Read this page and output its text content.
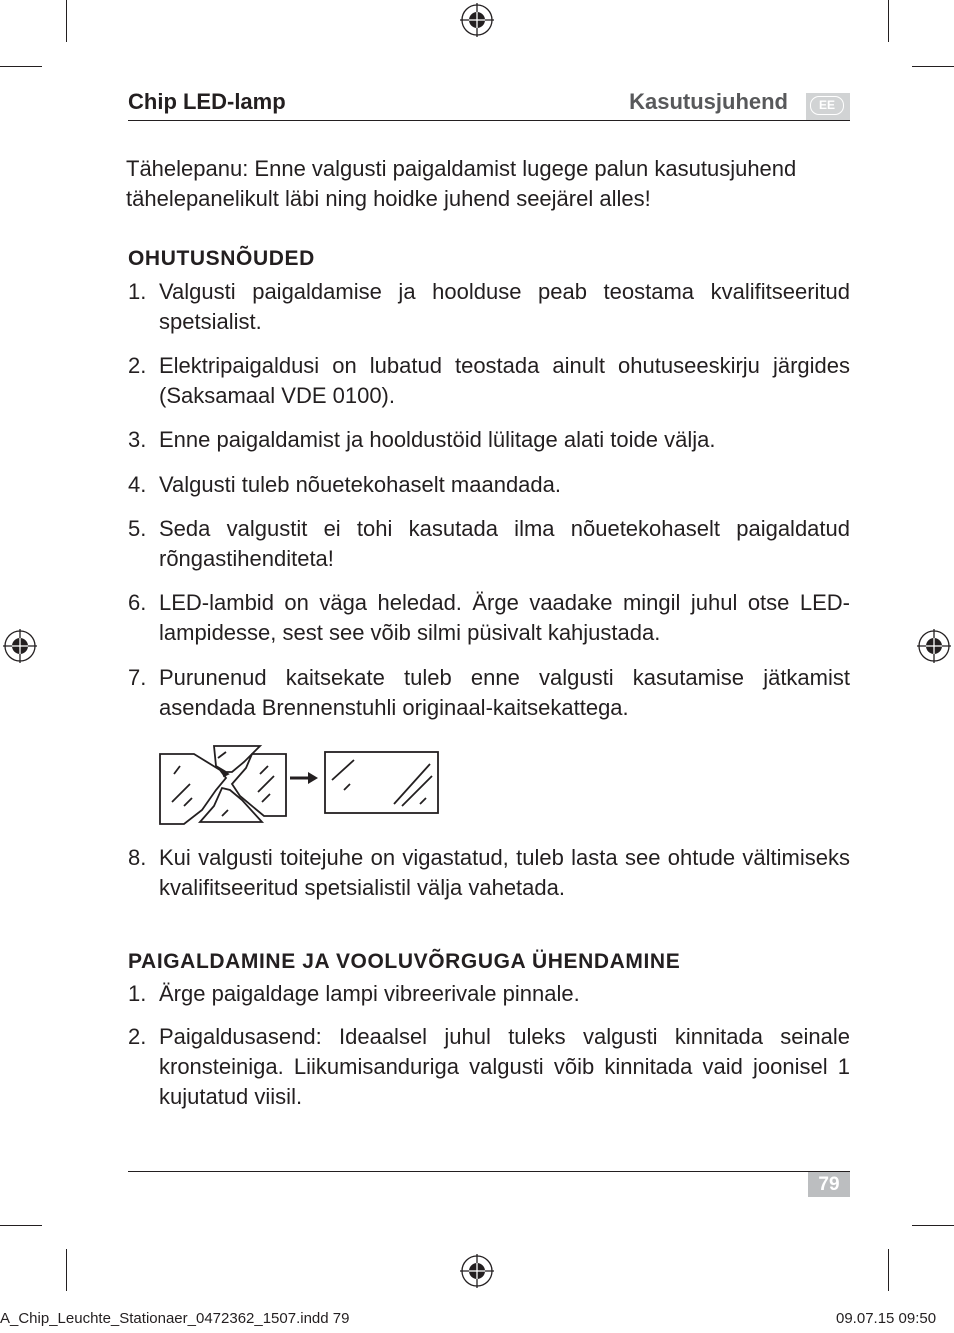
Chip LED-lamp	Kasutusjuhend	EE
Tähelepanu: Enne valgusti paigaldamist lugege palun kasutusjuhend tähelepanelikult läbi ning hoidke juhend seejärel alles!
OHUTUSNÕUDED
1. Valgusti paigaldamise ja hoolduse peab teostama kvalifitseeritud spetsialist.
2. Elektripaigaldusi on lubatud teostada ainult ohutuseeskirju järgides (Saksamaal VDE 0100).
3. Enne paigaldamist ja hooldustöid lülitage alati toide välja.
4. Valgusti tuleb nõuetekohaselt maandada.
5. Seda valgustit ei tohi kasutada ilma nõuetekohaselt paigaldatud rõngastihenditeta!
6. LED-lambid on väga heledad. Ärge vaadake mingil juhul otse LED-lampidesse, sest see võib silmi püsivalt kahjustada.
7. Purunenud kaitsekate tuleb enne valgusti kasutamise jätkamist asendada Brennenstuhli originaal-kaitsekattega.
8. Kui valgusti toitejuhe on vigastatud, tuleb lasta see ohtude vältimiseks kvalifitseeritud spetsialistil välja vahetada.
PAIGALDAMINE JA VOOLUVÕRGUGA ÜHENDAMINE
1. Ärge paigaldage lampi vibreerivale pinnale.
2. Paigaldusasend: Ideaalsel juhul tuleks valgusti kinnitada seinale kronsteiniga. Liikumisanduriga valgusti võib kinnitada vaid joonisel 1 kujutatud viisil.
79
A_Chip_Leuchte_Stationaer_0472362_1507.indd 79	09.07.15 09:50
